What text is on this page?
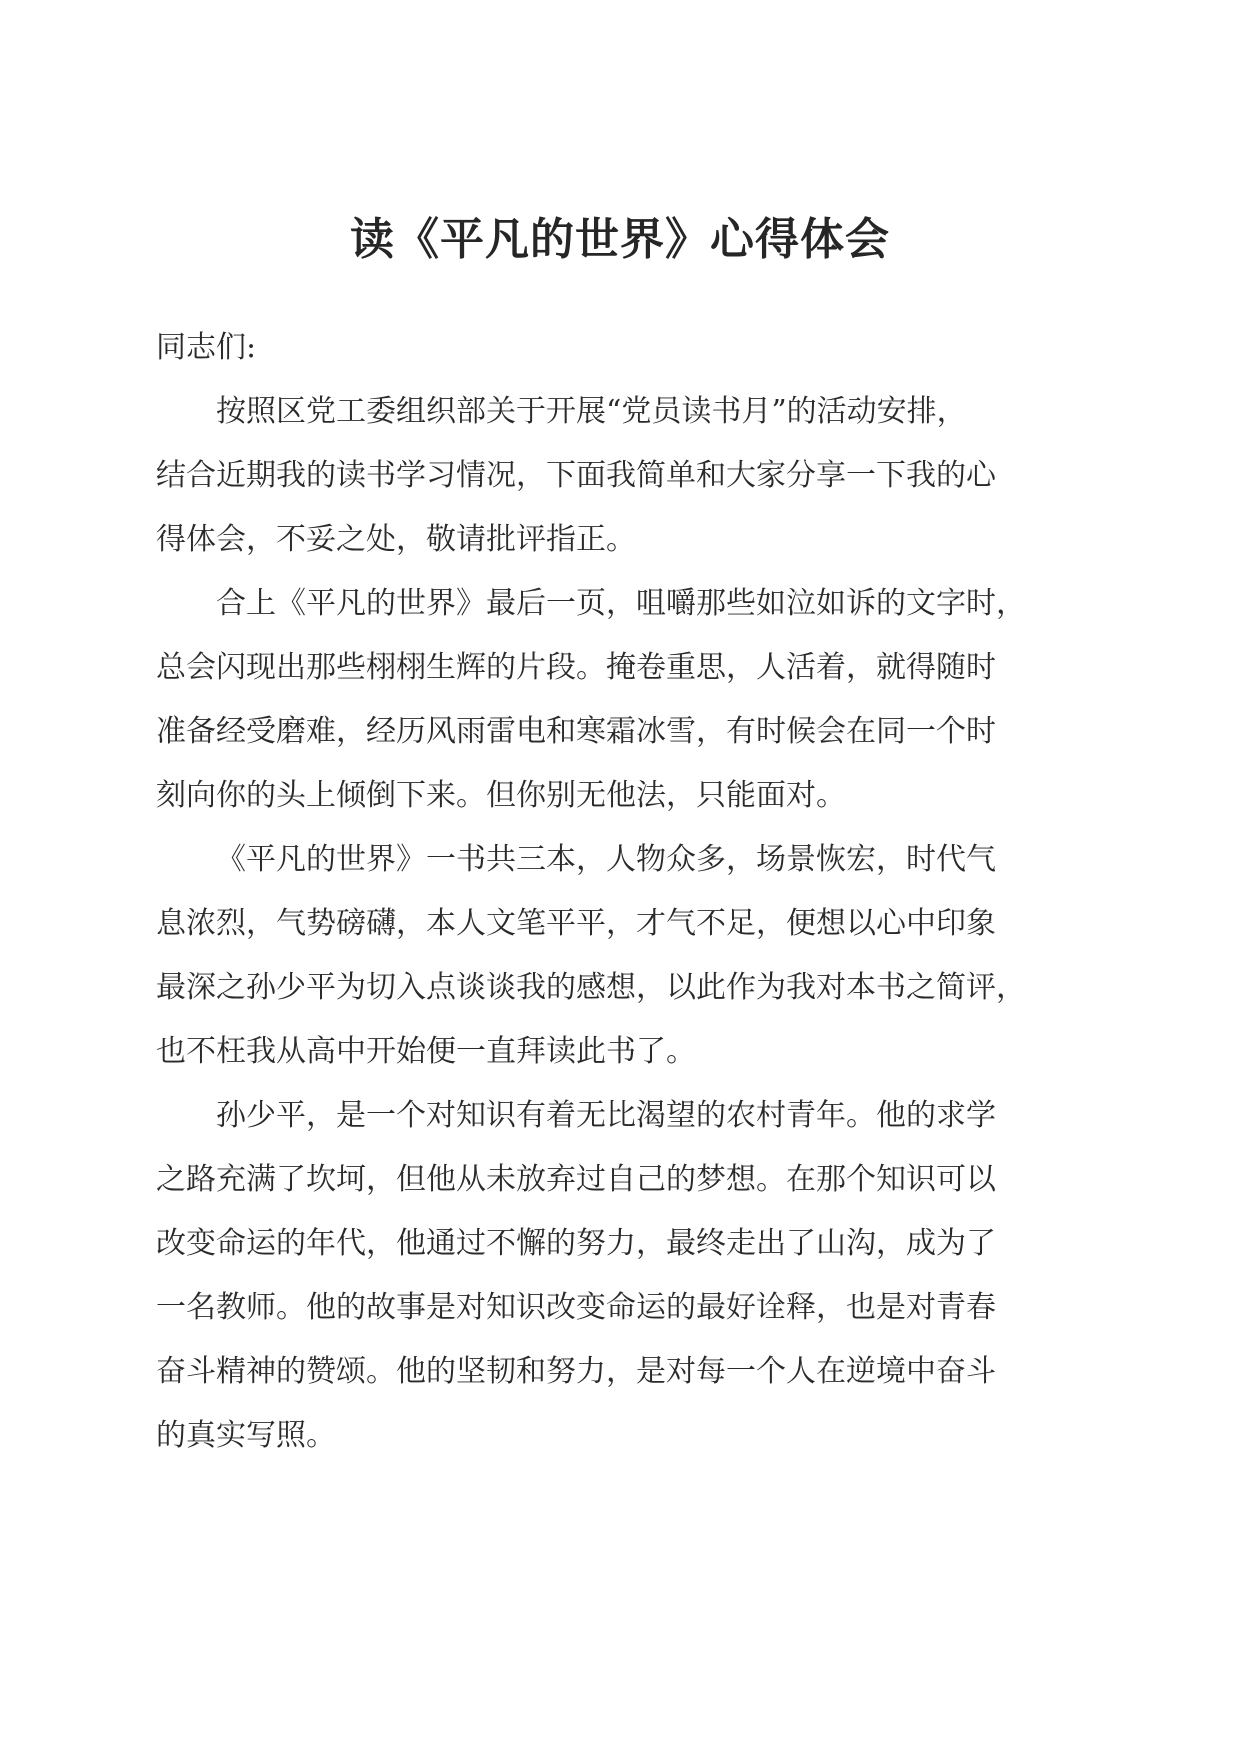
读《平凡的世界》心得体会
同志们:
按照区党工委组织部关于开展“党员读书月”的活动安排，
结合近期我的读书学习情况，下面我简单和大家分享一下我的心
得体会，不妥之处，敬请批评指正。
合上《平凡的世界》最后一页，咀嚼那些如泣如诉的文字时，
总会闪现出那些栩栩生辉的片段。掩卷重思，人活着，就得随时
准备经受磨难，经历风雨雷电和寒霜冰雪，有时候会在同一个时
刻向你的头上倾倒下来。但你别无他法，只能面对。
《平凡的世界》一书共三本，人物众多，场景恢宏，时代气
息浓烈，气势磅礴，本人文笔平平，才气不足，便想以心中印象
最深之孙少平为切入点谈谈我的感想，以此作为我对本书之简评，
也不枉我从高中开始便一直拜读此书了。
孙少平，是一个对知识有着无比渴望的农村青年。他的求学
之路充满了坎坷，但他从未放弃过自己的梦想。在那个知识可以
改变命运的年代，他通过不懈的努力，最终走出了山沟，成为了
一名教师。他的故事是对知识改变命运的最好诠释，也是对青春
奋斗精神的赞颂。他的坚韧和努力，是对每一个人在逆境中奋斗
的真实写照。
